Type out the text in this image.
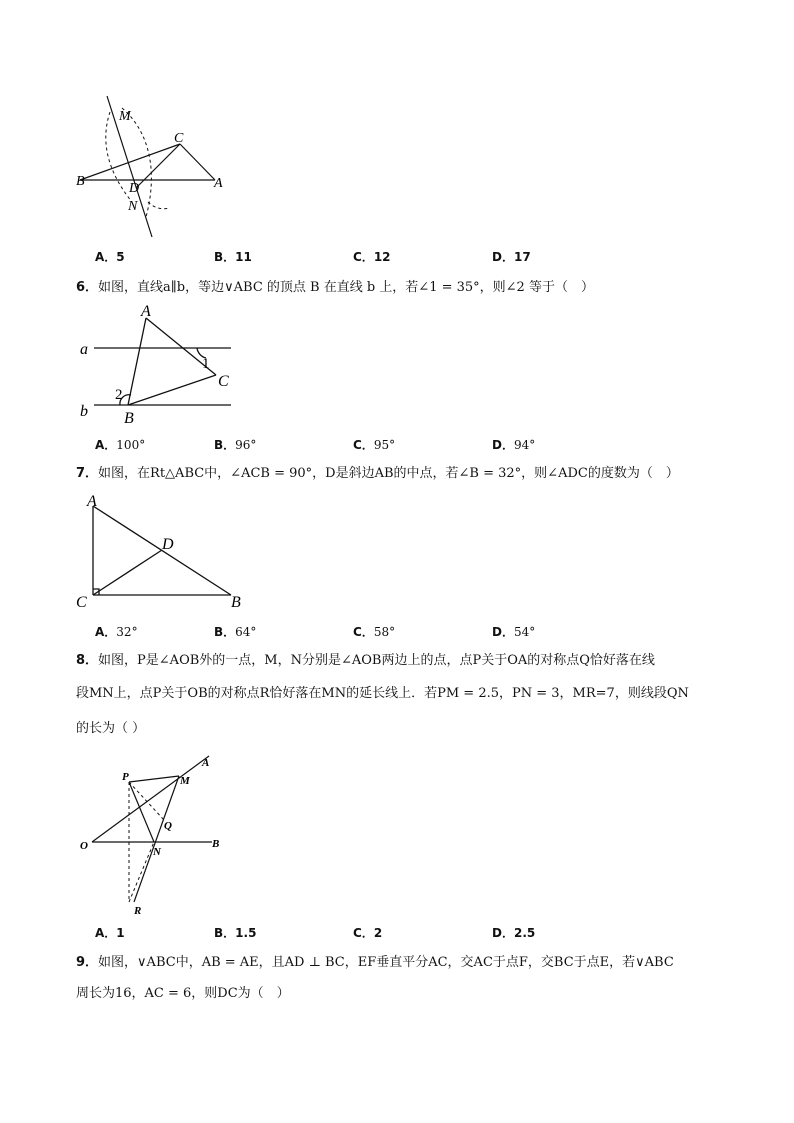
M
C
B	D	A
N
A．5	B．11	C．12	D．17
6．如图，直线a∥b，等边∨ABC 的顶点 B 在直线 b 上，若∠1 = 35°，则∠2 等于（　）
A
a
1
C
2
b B
A．100°	B．96°	C．95°	D．94°
7．如图，在Rt△ABC中，∠ACB = 90°，D是斜边AB的中点，若∠B = 32°，则∠ADC的度数为（　）
A
D
C	B
A．32°	B．64°	C．58°	D．54°
8．如图，P是∠AOB外的一点，M，N分别是∠AOB两边上的点，点P关于OA的对称点Q恰好落在线
段MN上，点P关于OB的对称点R恰好落在MN的延长线上．若PM = 2.5，PN = 3，MR=7，则线段QN
的长为（ ）
P
A
M
Q
O	N
B
R
A．1	B．1.5	C．2	D．2.5
9．如图，∨ABC中，AB = AE，且AD ⊥ BC，EF垂直平分AC，交AC于点F，交BC于点E，若∨ABC
周长为16，AC = 6，则DC为（　）
